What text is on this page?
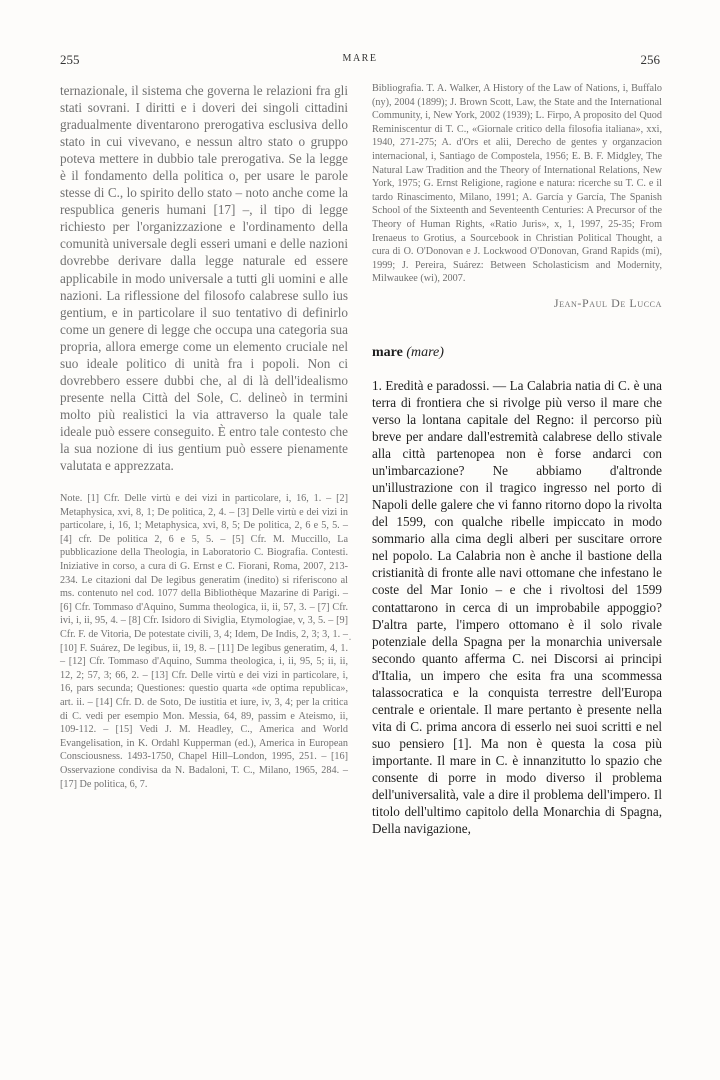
255	MARE	256

ternazionale, il sistema che governa le relazioni fra gli stati sovrani. I diritti e i doveri dei singoli cittadini gradualmente diventarono prerogativa esclusiva dello stato in cui vivevano, e nessun altro stato o gruppo poteva mettere in dubbio tale prerogativa. Se la legge è il fondamento della politica o, per usare le parole stesse di C., lo spirito dello stato – noto anche come la respublica generis humani [17] –, il tipo di legge richiesto per l'organizzazione e l'ordinamento della comunità universale degli esseri umani e delle nazioni dovrebbe derivare dalla legge naturale ed essere applicabile in modo universale a tutti gli uomini e alle nazioni. La riflessione del filosofo calabrese sullo ius gentium, e in particolare il suo tentativo di definirlo come un genere di legge che occupa una categoria sua propria, allora emerge come un elemento cruciale nel suo ideale politico di unità fra i popoli. Non ci dovrebbero essere dubbi che, al di là dell'idealismo presente nella Città del Sole, C. delineò in termini molto più realistici la via attraverso la quale tale ideale può essere conseguito. È entro tale contesto che la sua nozione di ius gentium può essere pienamente valutata e apprezzata.

Note. [1] Cfr. Delle virtù e dei vizi in particolare, i, 16, 1. – [2] Metaphysica, xvi, 8, 1; De politica, 2, 4. – [3] Delle virtù e dei vizi in particolare, i, 16, 1; Metaphysica, xvi, 8, 5; De politica, 2, 6 e 5, 5. – [4] cfr. De politica 2, 6 e 5, 5. – [5] Cfr. M. Muccillo, La pubblicazione della Theologia, in Laboratorio C. Biografia. Contesti. Iniziative in corso, a cura di G. Ernst e C. Fiorani, Roma, 2007, 213-234. Le citazioni dal De legibus generatim (inedito) si riferiscono al ms. contenuto nel cod. 1077 della Bibliothèque Mazarine di Parigi. – [6] Cfr. Tommaso d'Aquino, Summa theologica, ii, ii, 57, 3. – [7] Cfr. ivi, i, ii, 95, 4. – [8] Cfr. Isidoro di Siviglia, Etymologiae, v, 3, 5. – [9] Cfr. F. de Vitoria, De potestate civili, 3, 4; Idem, De Indis, 2, 3; 3, 1. – [10] F. Suárez, De legibus, ii, 19, 8. – [11] De legibus generatim, 4, 1. – [12] Cfr. Tommaso d'Aquino, Summa theologica, i, ii, 95, 5; ii, ii, 12, 2; 57, 3; 66, 2. – [13] Cfr. Delle virtù e dei vizi in particolare, i, 16, pars secunda; Questiones: questio quarta «de optima republica», art. ii. – [14] Cfr. D. de Soto, De iustitia et iure, iv, 3, 4; per la critica di C. vedi per esempio Mon. Messia, 64, 89, passim e Ateismo, ii, 109-112. – [15] Vedi J. M. Headley, C., America and World Evangelisation, in K. Ordahl Kupperman (ed.), America in European Consciousness. 1493-1750, Chapel Hill–London, 1995, 251. – [16] Osservazione condivisa da N. Badaloni, T. C., Milano, 1965, 284. – [17] De politica, 6, 7.

·

Bibliografia. T. A. Walker, A History of the Law of Nations, i, Buffalo (ny), 2004 (1899); J. Brown Scott, Law, the State and the International Community, i, New York, 2002 (1939); L. Firpo, A proposito del Quod Reminiscentur di T. C., «Giornale critico della filosofia italiana», xxi, 1940, 271-275; A. d'Ors et alii, Derecho de gentes y organzacion internacional, i, Santiago de Compostela, 1956; E. B. F. Midgley, The Natural Law Tradition and the Theory of International Relations, New York, 1975; G. Ernst Religione, ragione e natura: ricerche su T. C. e il tardo Rinascimento, Milano, 1991; A. García y García, The Spanish School of the Sixteenth and Seventeenth Centuries: A Precursor of the Theory of Human Rights, «Ratio Juris», x, 1, 1997, 25-35; From Irenaeus to Grotius, a Sourcebook in Christian Political Thought, a cura di O. O'Donovan e J. Lockwood O'Donovan, Grand Rapids (mi), 1999; J. Pereira, Suárez: Between Scholasticism and Modernity, Milwaukee (wi), 2007.

Jean-Paul De Lucca
mare (mare)

1. Eredità e paradossi. — La Calabria natia di C. è una terra di frontiera che si rivolge più verso il mare che verso la lontana capitale del Regno: il percorso più breve per andare dall'estremità calabrese dello stivale alla città partenopea non è forse andarci con un'imbarcazione? Ne abbiamo d'altronde un'illustrazione con il tragico ingresso nel porto di Napoli delle galere che vi fanno ritorno dopo la rivolta del 1599, con qualche ribelle impiccato in modo sommario alla cima degli alberi per suscitare orrore nel popolo. La Calabria non è anche il bastione della cristianità di fronte alle navi ottomane che infestano le coste del Mar Ionio – e che i rivoltosi del 1599 contattarono in cerca di un improbabile appoggio? D'altra parte, l'impero ottomano è il solo rivale potenziale della Spagna per la monarchia universale secondo quanto afferma C. nei Discorsi ai principi d'Italia, un impero che esita fra una scommessa talassocratica e la conquista terrestre dell'Europa centrale e orientale. Il mare pertanto è presente nella vita di C. prima ancora di esserlo nei suoi scritti e nel suo pensiero [1]. Ma non è questa la cosa più importante. Il mare in C. è innanzitutto lo spazio che consente di porre in modo diverso il problema dell'universalità, vale a dire il problema dell'impero. Il titolo dell'ultimo capitolo della Monarchia di Spagna, Della navigazione,
